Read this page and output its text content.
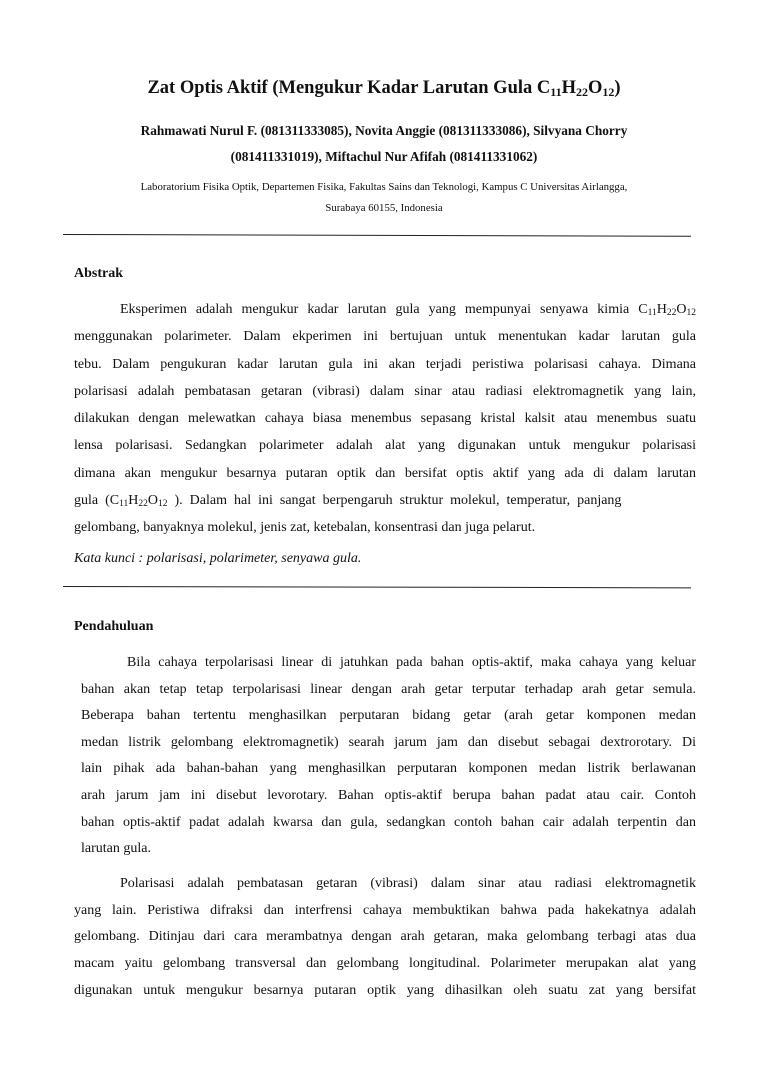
Zat Optis Aktif (Mengukur Kadar Larutan Gula $C_{11}H_{22}O_{12}$)
Rahmawati Nurul F. (081311333085), Novita Anggie (081311333086), Silvyana Chorry
(081411331019), Miftachul Nur Afifah (081411331062)
Laboratorium Fisika Optik, Departemen Fisika, Fakultas Sains dan Teknologi, Kampus C Universitas Airlangga,
Surabaya 60155, Indonesia
Abstrak
Eksperimen adalah mengukur kadar larutan gula yang mempunyai senyawa kimia $C_{11}H_{22}O_{12}$
menggunakan polarimeter. Dalam ekperimen ini bertujuan untuk menentukan kadar larutan gula
tebu. Dalam pengukuran kadar larutan gula ini akan terjadi peristiwa polarisasi cahaya. Dimana
polarisasi adalah pembatasan getaran (vibrasi) dalam sinar atau radiasi elektromagnetik yang lain,
dilakukan dengan melewatkan cahaya biasa menembus sepasang kristal kalsit atau menembus suatu
lensa polarisasi. Sedangkan polarimeter adalah alat yang digunakan untuk mengukur polarisasi
dimana akan mengukur besarnya putaran optik dan bersifat optis aktif yang ada di dalam larutan
gula  ($C_{11}H_{22}O_{12}$  ).  Dalam  hal  ini  sangat  berpengaruh  struktur  molekul,  temperatur,  panjang
gelombang, banyaknya molekul, jenis zat, ketebalan, konsentrasi dan juga pelarut.
Kata kunci : polarisasi, polarimeter, senyawa gula.
Pendahuluan
Bila cahaya terpolarisasi linear di jatuhkan pada bahan optis-aktif, maka cahaya yang keluar
bahan akan tetap tetap terpolarisasi linear dengan arah getar terputar terhadap arah getar semula.
Beberapa bahan tertentu menghasilkan perputaran bidang getar (arah getar komponen medan
medan listrik gelombang elektromagnetik) searah jarum jam dan disebut sebagai dextrorotary. Di
lain pihak ada bahan-bahan yang menghasilkan perputaran komponen medan listrik berlawanan
arah jarum jam ini disebut levorotary. Bahan optis-aktif berupa bahan padat atau cair. Contoh
bahan optis-aktif padat adalah kwarsa dan gula, sedangkan contoh bahan cair adalah terpentin dan
larutan gula.
Polarisasi adalah pembatasan getaran (vibrasi) dalam sinar atau radiasi elektromagnetik
yang lain. Peristiwa difraksi dan interfrensi cahaya membuktikan bahwa pada hakekatnya adalah
gelombang. Ditinjau dari cara merambatnya dengan arah getaran, maka gelombang terbagi atas dua
macam yaitu gelombang transversal dan gelombang longitudinal. Polarimeter merupakan alat yang
digunakan untuk mengukur besarnya putaran optik yang dihasilkan oleh suatu zat yang bersifat
